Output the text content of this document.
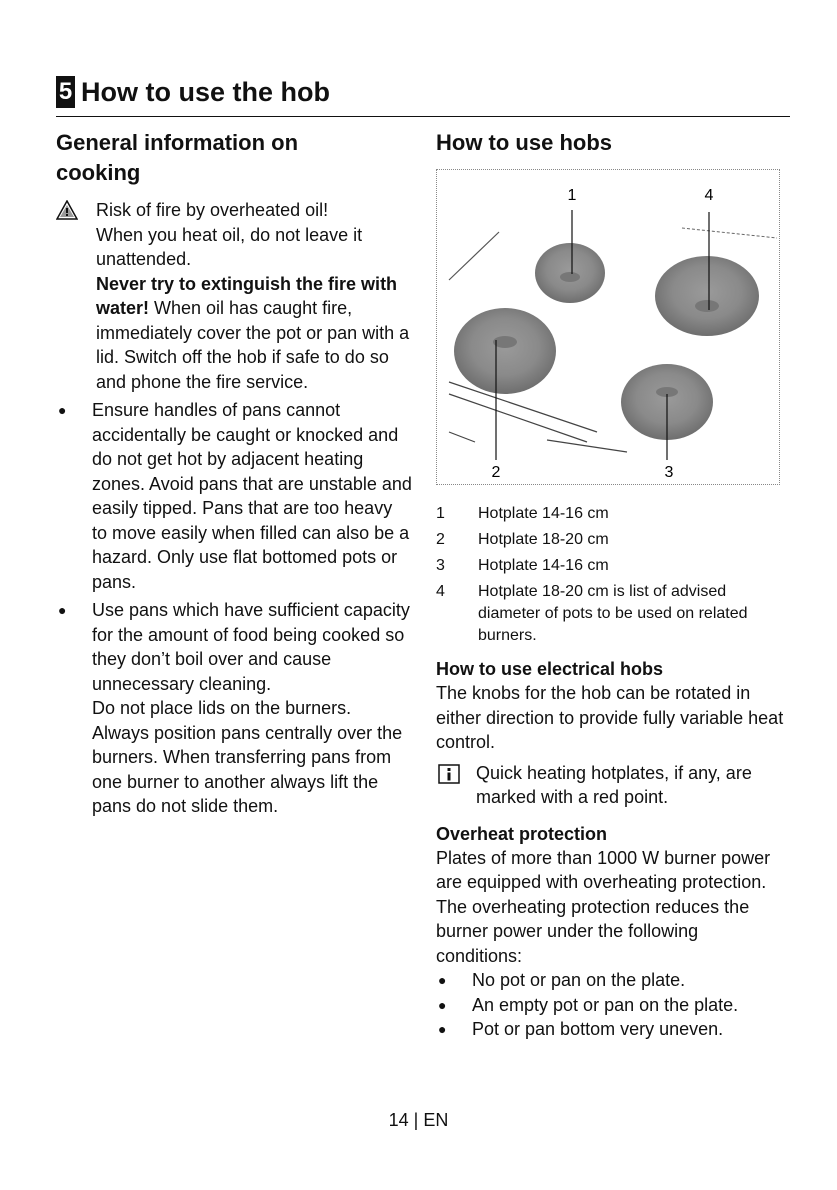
5 How to use the hob
General information on
cooking
Risk of fire by overheated oil!
When you heat oil, do not leave it unattended.
Never try to extinguish the fire with water! When oil has caught fire, immediately cover the pot or pan with a lid. Switch off the hob if safe to do so and phone the fire service.
● Ensure handles of pans cannot accidentally be caught or knocked and do not get hot by adjacent heating zones. Avoid pans that are unstable and easily tipped. Pans that are too heavy to move easily when filled can also be a hazard. Only use flat bottomed pots or pans.
● Use pans which have sufficient capacity for the amount of food being cooked so they don’t boil over and cause unnecessary cleaning.
Do not place lids on the burners. Always position pans centrally over the burners. When transferring pans from one burner to another always lift the pans do not slide them.
How to use hobs
1	4
2	3
1	Hotplate 14-16 cm
2	Hotplate 18-20 cm
3	Hotplate 14-16 cm
4	Hotplate 18-20 cm is list of advised diameter of pots to be used on related burners.
How to use electrical hobs
The knobs for the hob can be rotated in either direction to provide fully variable heat control.
Quick heating hotplates, if any, are marked with a red point.
Overheat protection
Plates of more than 1000 W burner power are equipped with overheating protection. The overheating protection reduces the burner power under the following conditions:
● No pot or pan on the plate.
● An empty pot or pan on the plate.
● Pot or pan bottom very uneven.
14 | EN
